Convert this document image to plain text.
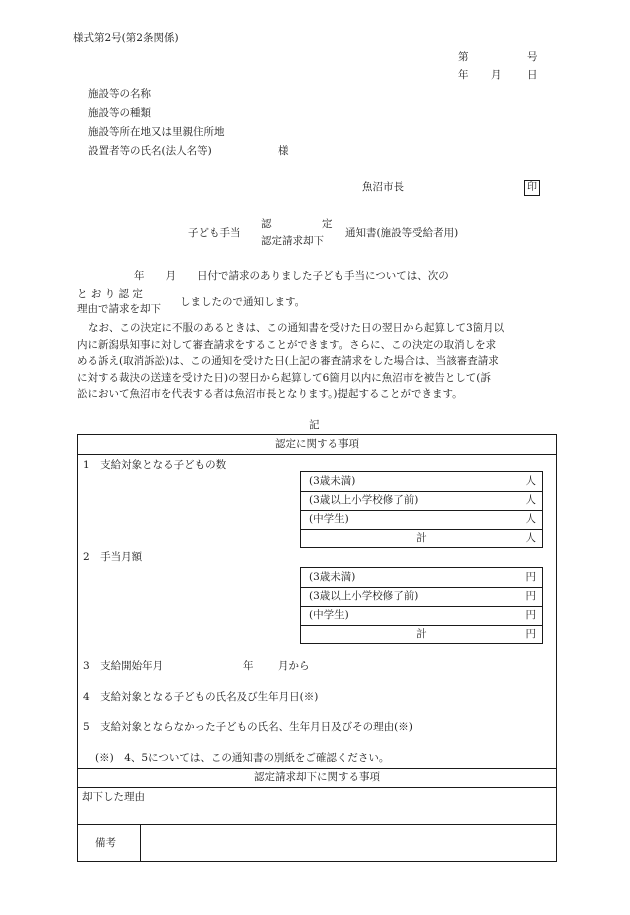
様式第2号(第2条関係)
第	号
年 月 日
施設等の名称
施設等の種類
施設等所在地又は里親住所地
設置者等の氏名(法人名等)	様
魚沼市長	印
子ども手当
認	定
認定請求却下
通知書(施設等受給者用)
年　　月　　日付で請求のありました子ども手当については、次の
と お り 認 定
理由で請求を却下
しましたので通知します。

なお、この決定に不服のあるときは、この通知書を受けた日の翌日から起算して3箇月以

内に新潟県知事に対して審査請求をすることができます。さらに、この決定の取消しを求

める訴え(取消訴訟)は、この通知を受けた日(上記の審査請求をした場合は、当該審査請求

に対する裁決の送達を受けた日)の翌日から起算して6箇月以内に魚沼市を被告として(訴

訟において魚沼市を代表する者は魚沼市長となります。)提起することができます。

記
認定に関する事項
1　支給対象となる子どもの数
(3歳未満)	人
(3歳以上小学校修了前)	人
(中学生)	人
計	人
2　手当月額
(3歳未満)	円
(3歳以上小学校修了前)	円
(中学生)	円
計	円
3　支給開始年月	年 月から
4　支給対象となる子どもの氏名及び生年月日(※)
5　支給対象とならなかった子どもの氏名、生年月日及びその理由(※)
(※)　4、5については、この通知書の別紙をご確認ください。
認定請求却下に関する事項
却下した理由
備考
